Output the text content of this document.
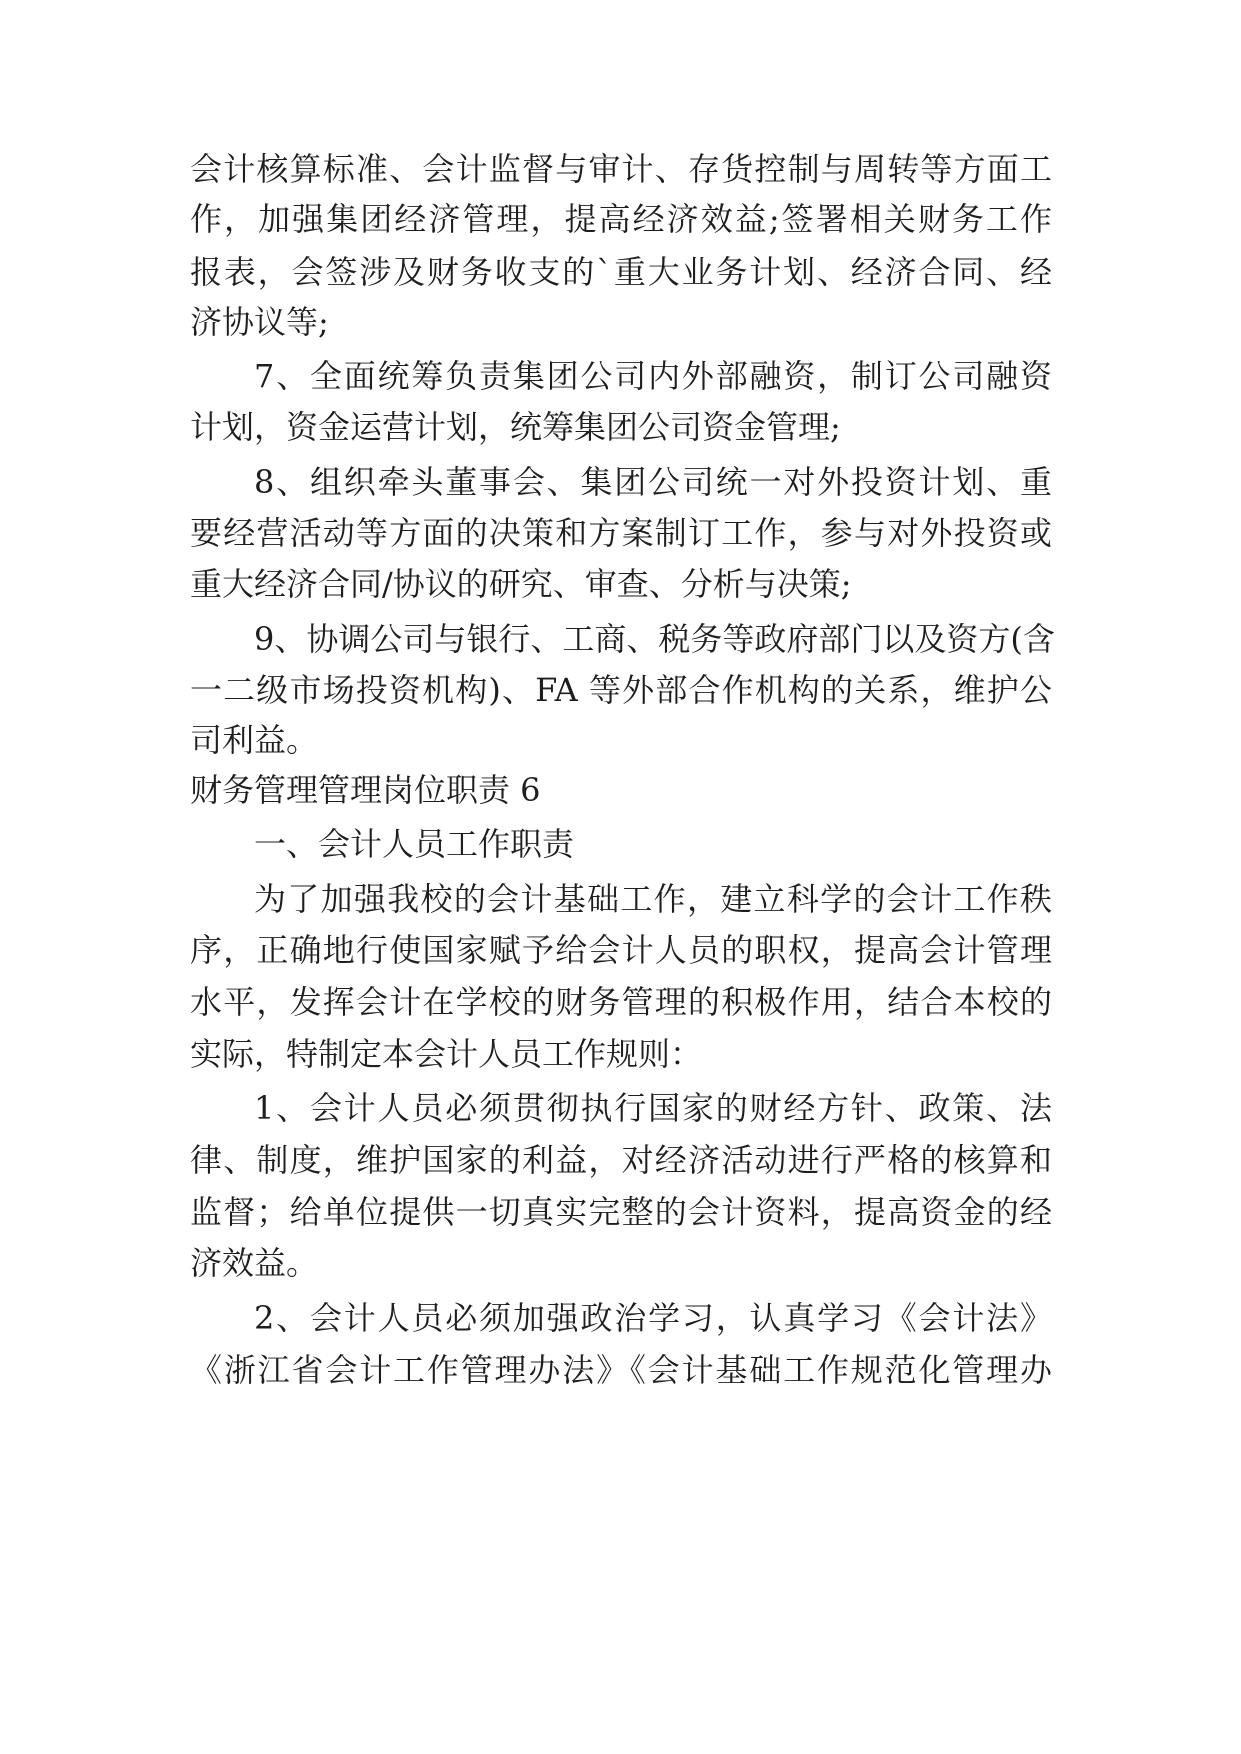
会计核算标准、会计监督与审计、存货控制与周转等方面工
作，加强集团经济管理，提高经济效益;签署相关财务工作
报表，会签涉及财务收支的`重大业务计划、经济合同、经
济协议等;
7、全面统筹负责集团公司内外部融资，制订公司融资
计划，资金运营计划，统筹集团公司资金管理;
8、组织牵头董事会、集团公司统一对外投资计划、重
要经营活动等方面的决策和方案制订工作，参与对外投资或
重大经济合同/协议的研究、审查、分析与决策;
9、协调公司与银行、工商、税务等政府部门以及资方(含
一二级市场投资机构)、FA 等外部合作机构的关系，维护公
司利益。
财务管理管理岗位职责 6
一、会计人员工作职责
为了加强我校的会计基础工作，建立科学的会计工作秩
序，正确地行使国家赋予给会计人员的职权，提高会计管理
水平，发挥会计在学校的财务管理的积极作用，结合本校的
实际，特制定本会计人员工作规则：
1、会计人员必须贯彻执行国家的财经方针、政策、法
律、制度，维护国家的利益，对经济活动进行严格的核算和
监督；给单位提供一切真实完整的会计资料，提高资金的经
济效益。
2、会计人员必须加强政治学习，认真学习《会计法》
《浙江省会计工作管理办法》《会计基础工作规范化管理办
